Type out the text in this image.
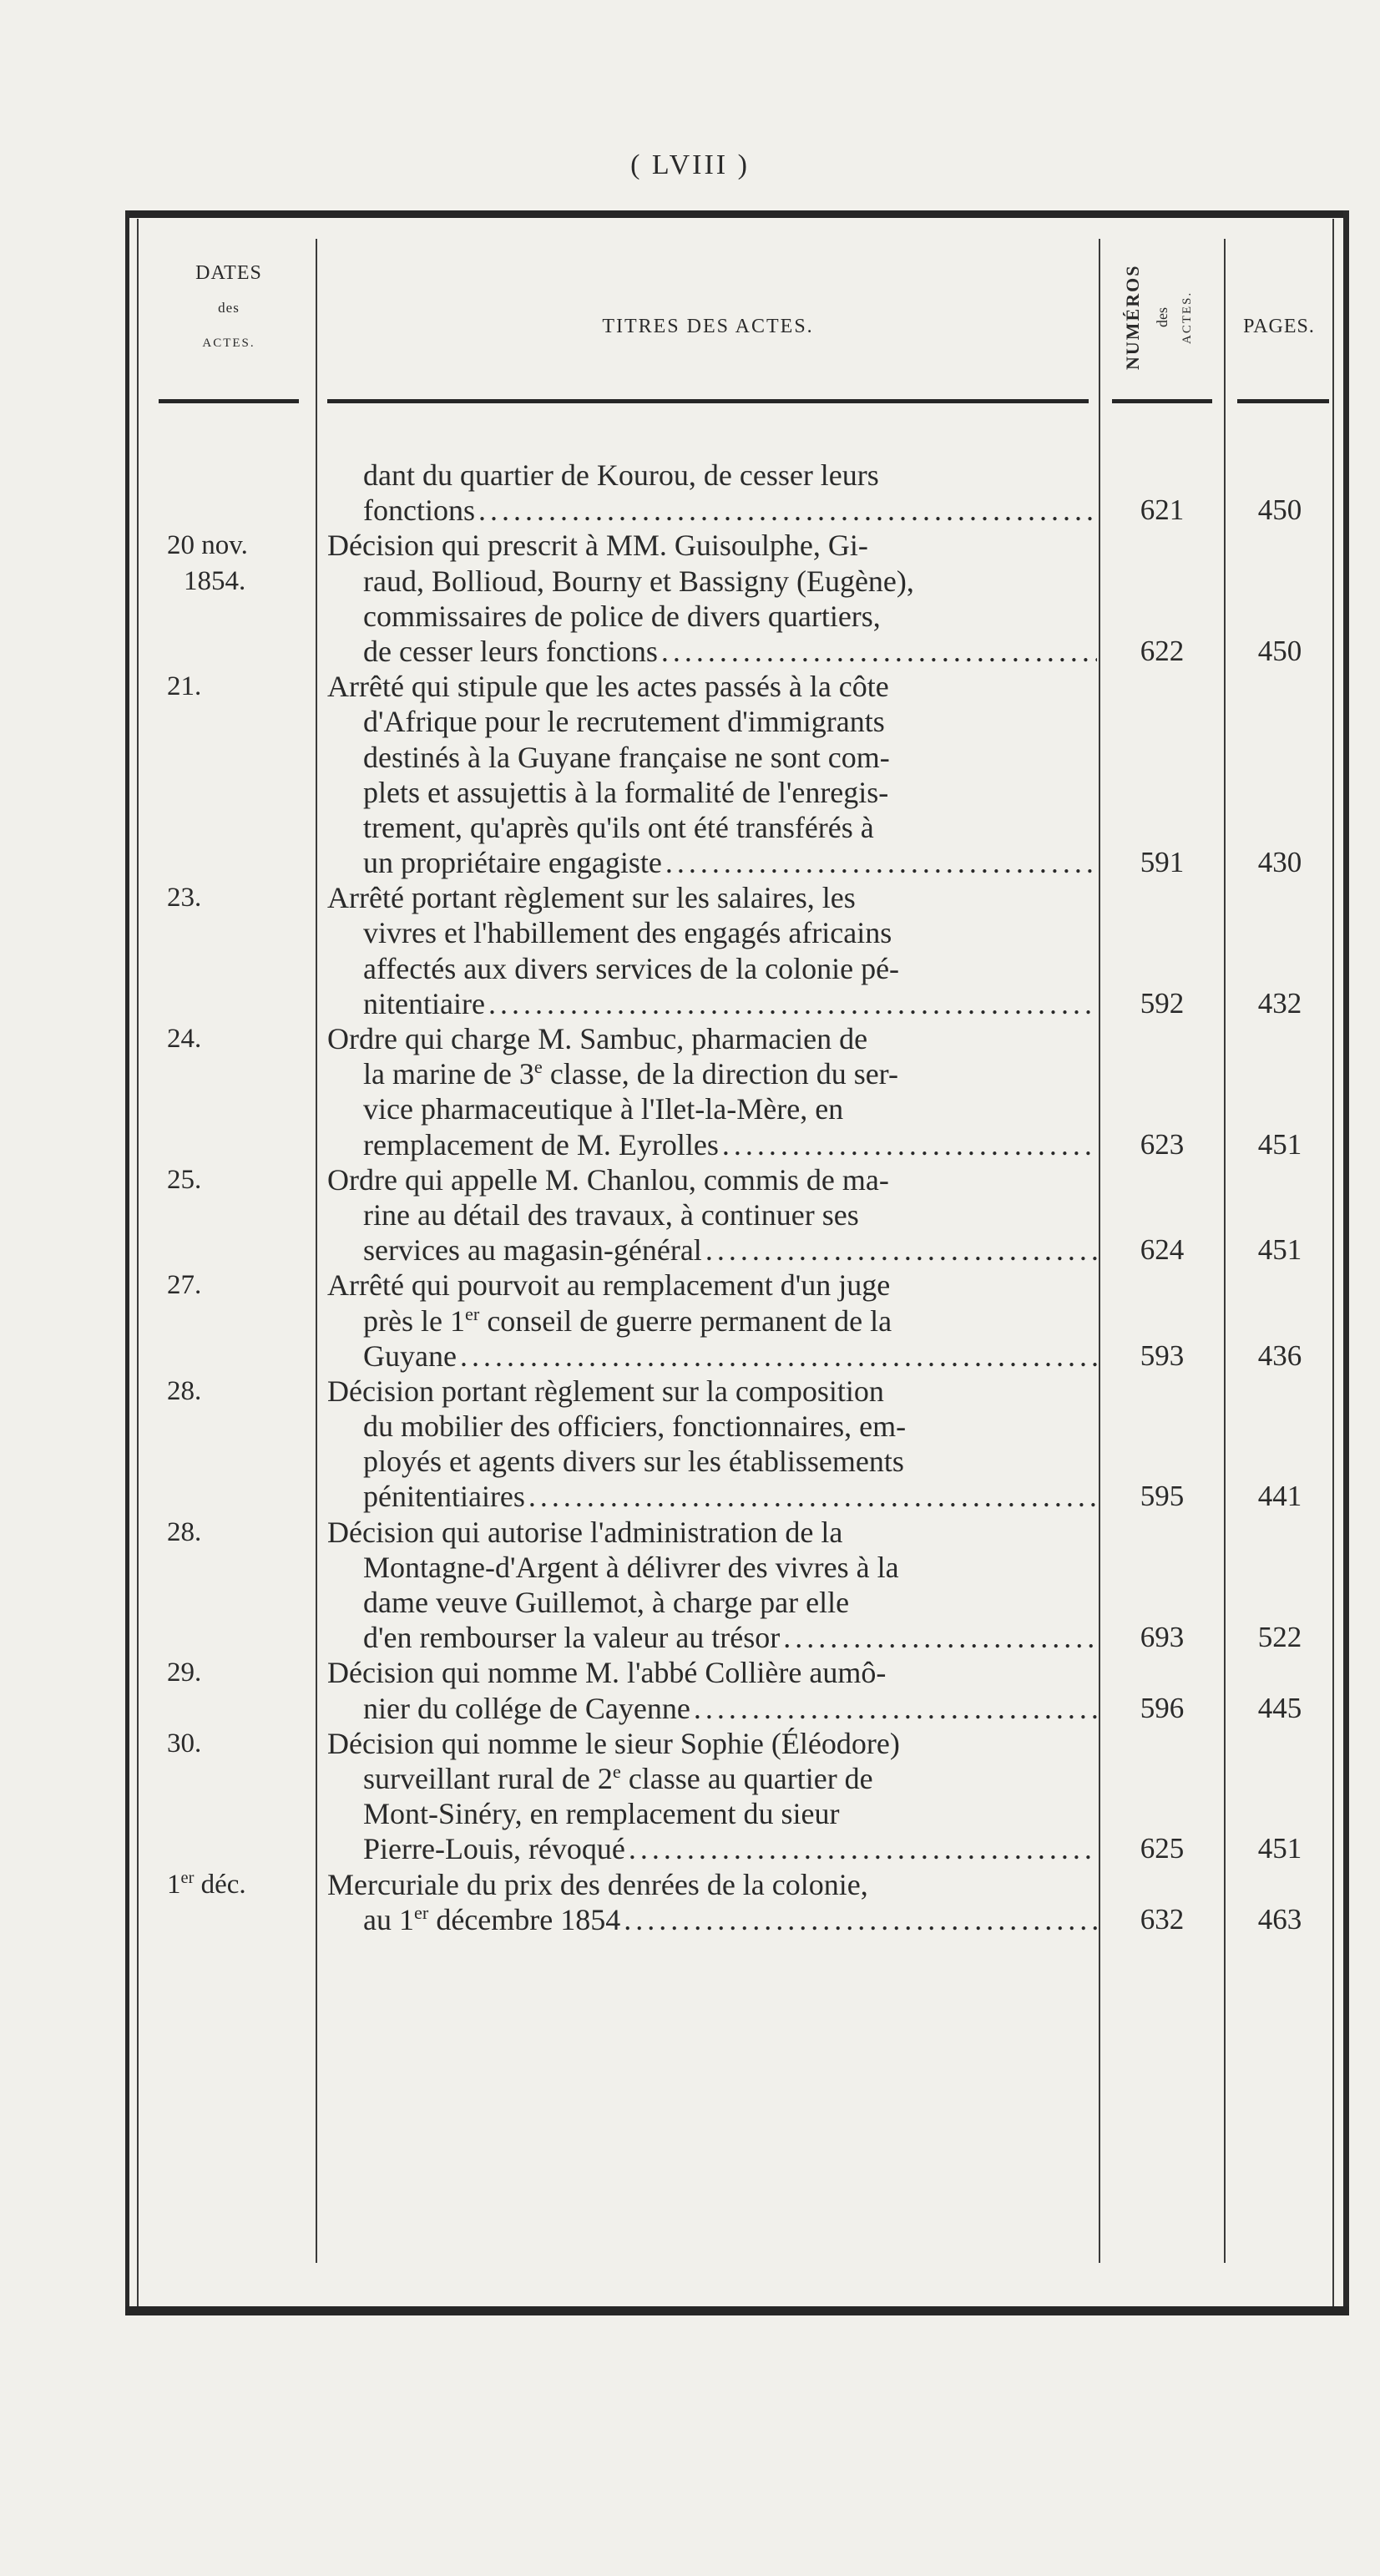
( LVIII )
DATES
des
ACTES.
TITRES DES ACTES.	NUMÉROS des ACTES.	PAGES.
dant du quartier de Kourou, de cesser leurs
fonctions .....	621	450
20 nov.	Décision qui prescrit à MM. Guisoulphe, Gi-
1854.	raud, Bollioud, Bourny et Bassigny (Eugène),
commissaires de police de divers quartiers,
de cesser leurs fonctions .....	622	450
21.	Arrêté qui stipule que les actes passés à la côte
d'Afrique pour le recrutement d'immigrants
destinés à la Guyane française ne sont com-
plets et assujettis à la formalité de l'enregis-
trement, qu'après qu'ils ont été transférés à
un propriétaire engagiste .....	591	430
23.	Arrêté portant règlement sur les salaires, les
vivres et l'habillement des engagés africains
affectés aux divers services de la colonie pé-
nitentiaire .....	592	432
24.	Ordre qui charge M. Sambuc, pharmacien de
la marine de 3e classe, de la direction du ser-
vice pharmaceutique à l'Ilet-la-Mère, en
remplacement de M. Eyrolles .....	623	451
25.	Ordre qui appelle M. Chanlou, commis de ma-
rine au détail des travaux, à continuer ses
services au magasin-général .....	624	451
27.	Arrêté qui pourvoit au remplacement d'un juge
près le 1er conseil de guerre permanent de la
Guyane .....	593	436
28.	Décision portant règlement sur la composition
du mobilier des officiers, fonctionnaires, em-
ployés et agents divers sur les établissements
pénitentiaires .....	595	441
28.	Décision qui autorise l'administration de la
Montagne-d'Argent à délivrer des vivres à la
dame veuve Guillemot, à charge par elle
d'en rembourser la valeur au trésor .....	693	522
29.	Décision qui nomme M. l'abbé Collière aumô-
nier du collége de Cayenne .....	596	445
30.	Décision qui nomme le sieur Sophie (Éléodore)
surveillant rural de 2e classe au quartier de
Mont-Sinéry, en remplacement du sieur
Pierre-Louis, révoqué .....	625	451
1er déc.	Mercuriale du prix des denrées de la colonie,
au 1er décembre 1854 .....	632	463
